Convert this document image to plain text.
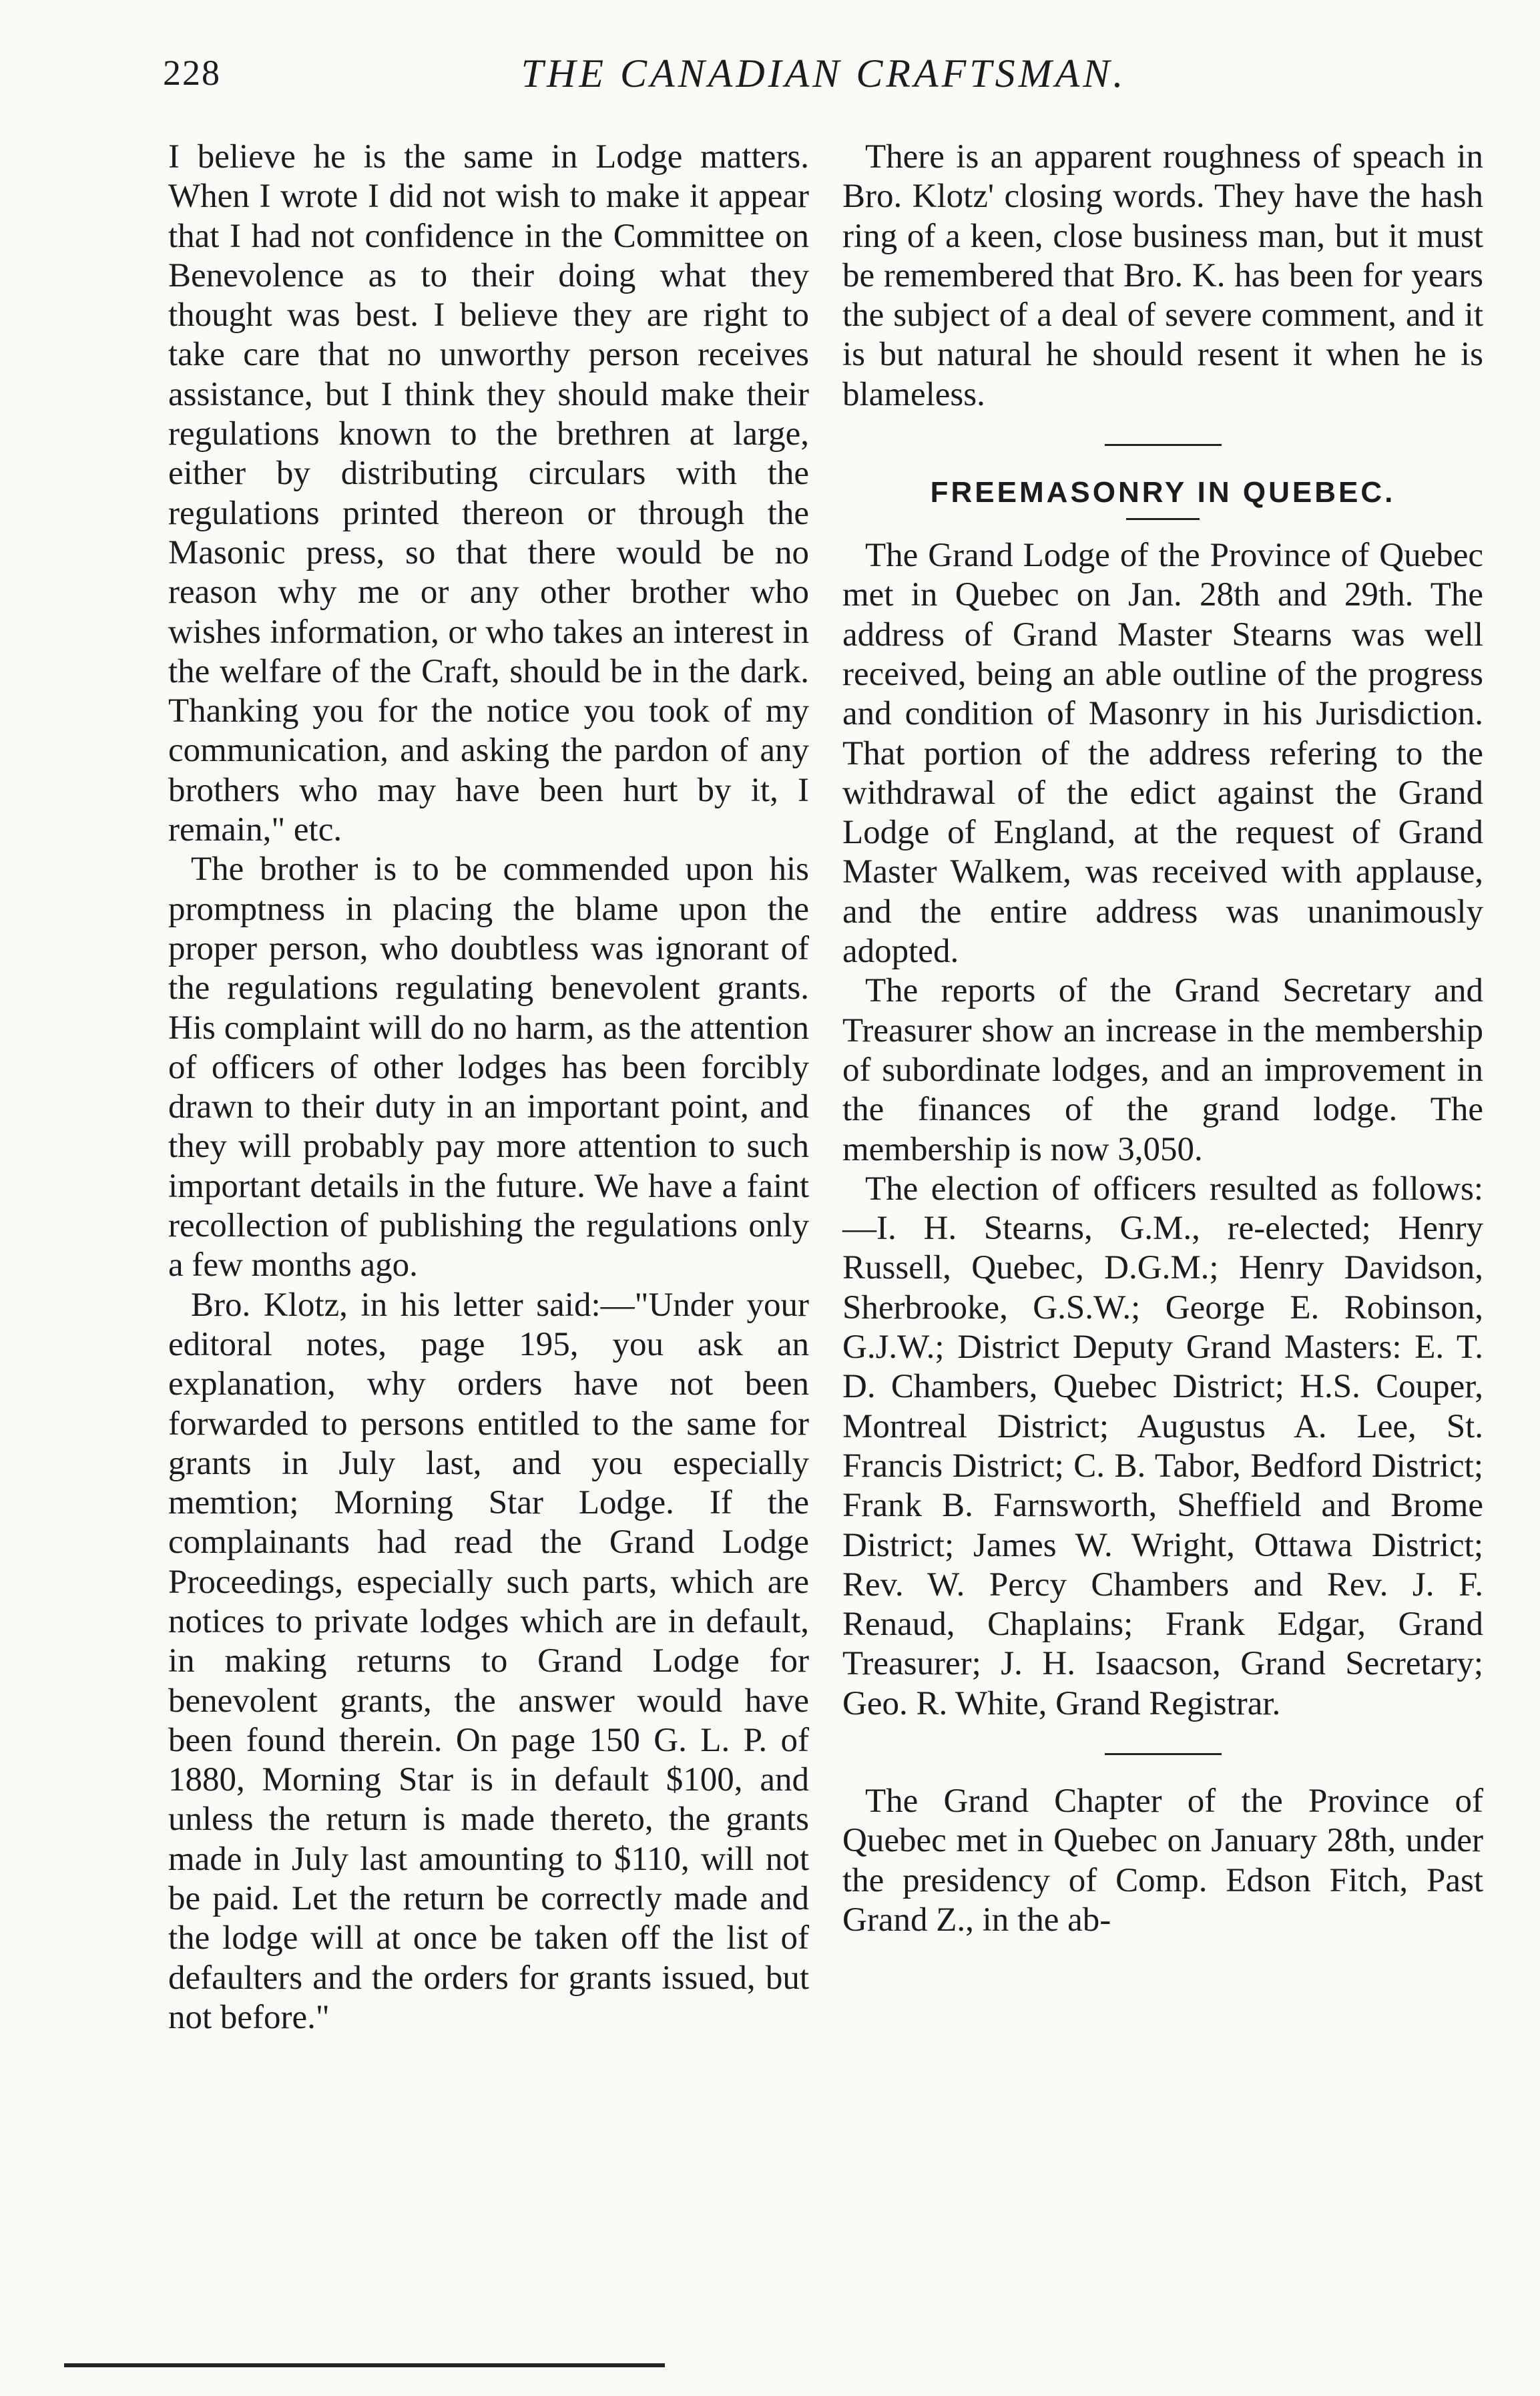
228	THE CANADIAN CRAFTSMAN.

I believe he is the same in Lodge matters. When I wrote I did not wish to make it appear that I had not confidence in the Committee on Benevolence as to their doing what they thought was best. I believe they are right to take care that no unworthy person receives assistance, but I think they should make their regulations known to the brethren at large, either by distributing circulars with the regulations printed thereon or through the Masonic press, so that there would be no reason why me or any other brother who wishes information, or who takes an interest in the welfare of the Craft, should be in the dark. Thanking you for the notice you took of my communication, and asking the pardon of any brothers who may have been hurt by it, I remain," etc.

The brother is to be commended upon his promptness in placing the blame upon the proper person, who doubtless was ignorant of the regulations regulating benevolent grants. His complaint will do no harm, as the attention of officers of other lodges has been forcibly drawn to their duty in an important point, and they will probably pay more attention to such important details in the future. We have a faint recollection of publishing the regulations only a few months ago.

Bro. Klotz, in his letter said:—"Under your editoral notes, page 195, you ask an explanation, why orders have not been forwarded to persons entitled to the same for grants in July last, and you especially memtion; Morning Star Lodge. If the complainants had read the Grand Lodge Proceedings, especially such parts, which are notices to private lodges which are in default, in making returns to Grand Lodge for benevolent grants, the answer would have been found therein. On page 150 G. L. P. of 1880, Morning Star is in default $100, and unless the return is made thereto, the grants made in July last amounting to $110, will not be paid. Let the return be correctly made and the lodge will at once be taken off the list of defaulters and the orders for grants issued, but not before."

There is an apparent roughness of speach in Bro. Klotz' closing words. They have the hash ring of a keen, close business man, but it must be remembered that Bro. K. has been for years the subject of a deal of severe comment, and it is but natural he should resent it when he is blameless.

FREEMASONRY IN QUEBEC.

The Grand Lodge of the Province of Quebec met in Quebec on Jan. 28th and 29th. The address of Grand Master Stearns was well received, being an able outline of the progress and condition of Masonry in his Jurisdiction. That portion of the address refering to the withdrawal of the edict against the Grand Lodge of England, at the request of Grand Master Walkem, was received with applause, and the entire address was unanimously adopted.

The reports of the Grand Secretary and Treasurer show an increase in the membership of subordinate lodges, and an improvement in the finances of the grand lodge. The membership is now 3,050.

The election of officers resulted as follows:—I. H. Stearns, G.M., re-elected; Henry Russell, Quebec, D.G.M.; Henry Davidson, Sherbrooke, G.S.W.; George E. Robinson, G.J.W.; District Deputy Grand Masters: E. T. D. Chambers, Quebec District; H.S. Couper, Montreal District; Augustus A. Lee, St. Francis District; C. B. Tabor, Bedford District; Frank B. Farnsworth, Sheffield and Brome District; James W. Wright, Ottawa District; Rev. W. Percy Chambers and Rev. J. F. Renaud, Chaplains; Frank Edgar, Grand Treasurer; J. H. Isaacson, Grand Secretary; Geo. R. White, Grand Registrar.

The Grand Chapter of the Province of Quebec met in Quebec on January 28th, under the presidency of Comp. Edson Fitch, Past Grand Z., in the ab-
